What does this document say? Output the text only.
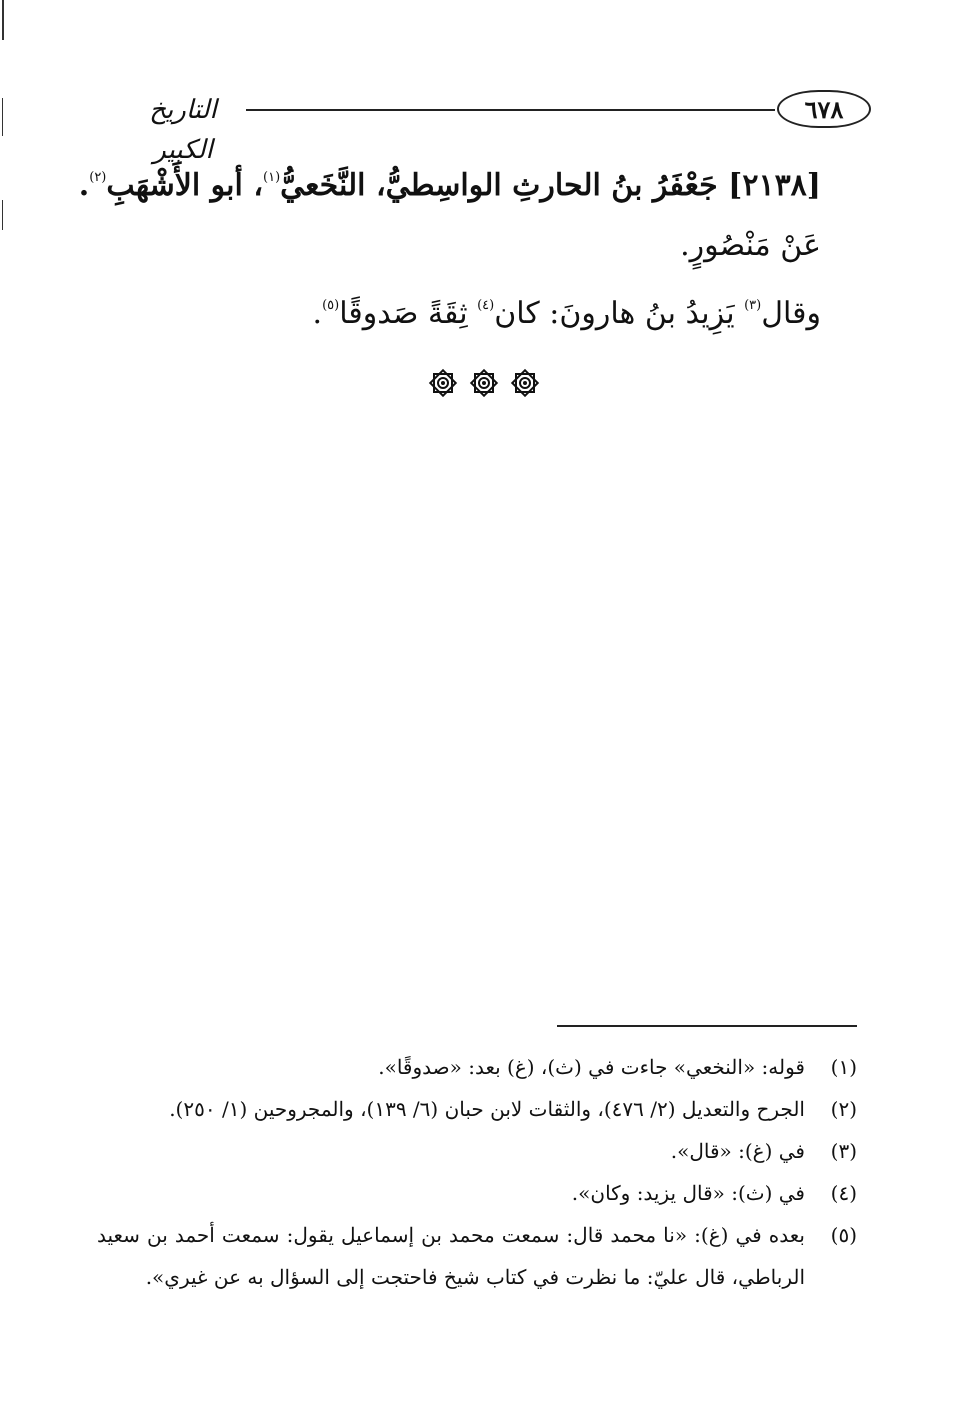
التاريخ الكبير
٦٧٨
[٢١٣٨] جَعْفَرُ بنُ الحارثِ الواسِطيُّ، النَّخَعيُّ$^{(١)}$، أبو الأَشْهَبِ$^{(٢)}$.
عَنْ مَنْصُورٍ.
وقال$^{(٣)}$ يَزِيدُ بنُ هارونَ: كان$^{(٤)}$ ثِقَةً صَدوقًا$^{(٥)}$.
(١)
قوله: «النخعي» جاءت في (ث)، (غ) بعد: «صدوقًا».
(٢)
الجرح والتعديل (٢/ ٤٧٦)، والثقات لابن حبان (٦/ ١٣٩)، والمجروحين (١/ ٢٥٠).
(٣)
في (غ): «قال».
(٤)
في (ث): «قال يزيد: وكان».
(٥)
بعده في (غ): «نا محمد قال: سمعت محمد بن إسماعيل يقول: سمعت أحمد بن سعيد الرباطي، قال عليّ: ما نظرت في كتاب شيخ فاحتجت إلى السؤال به عن غيري».
